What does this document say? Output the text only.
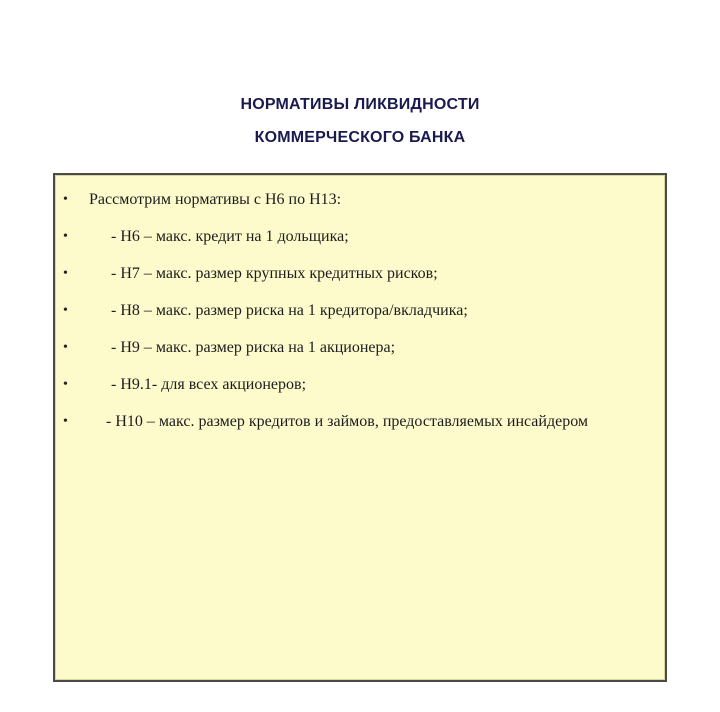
НОРМАТИВЫ ЛИКВИДНОСТИ
КОММЕРЧЕСКОГО БАНКА
• Рассмотрим нормативы с Н6 по Н13:
•	- Н6 – макс. кредит на 1 дольщика;
•	- Н7 – макс. размер крупных кредитных рисков;
•	- Н8 – макс. размер риска на 1 кредитора/вкладчика;
•	- Н9 – макс. размер риска на 1 акционера;
•	- Н9.1- для всех акционеров;
• - Н10 – макс. размер кредитов и займов, предоставляемых инсайдером
